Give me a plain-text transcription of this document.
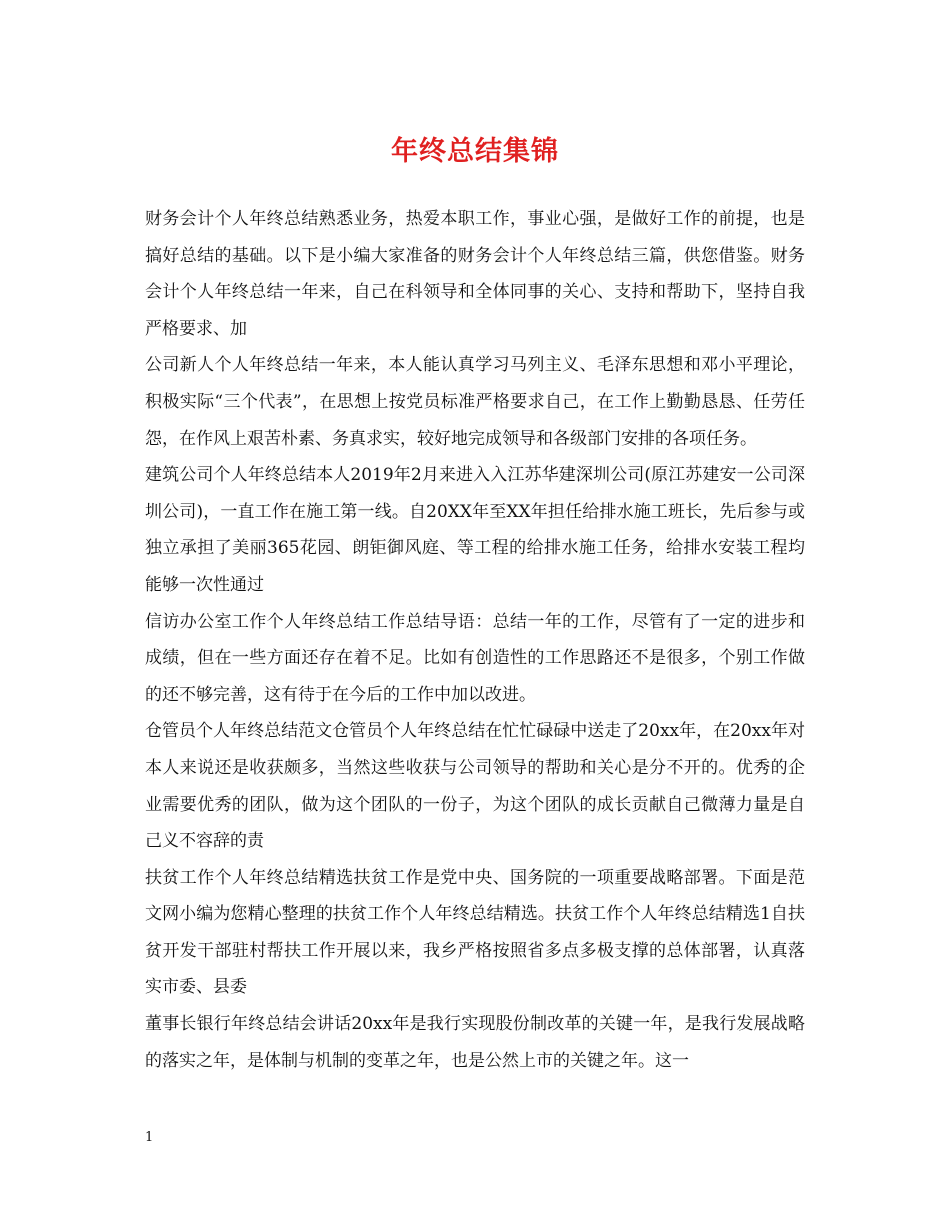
年终总结集锦

财务会计个人年终总结熟悉业务，热爱本职工作，事业心强，是做好工作的前提，也是搞好总结的基础。以下是小编大家准备的财务会计个人年终总结三篇，供您借鉴。财务会计个人年终总结一年来，自己在科领导和全体同事的关心、支持和帮助下，坚持自我严格要求、加

公司新人个人年终总结一年来，本人能认真学习马列主义、毛泽东思想和邓小平理论，积极实际“三个代表”，在思想上按党员标准严格要求自己，在工作上勤勤恳恳、任劳任怨，在作风上艰苦朴素、务真求实，较好地完成领导和各级部门安排的各项任务。

建筑公司个人年终总结本人2019年2月来进入入江苏华建深圳公司(原江苏建安一公司深圳公司)，一直工作在施工第一线。自20XX年至XX年担任给排水施工班长，先后参与或独立承担了美丽365花园、朗钜御风庭、等工程的给排水施工任务，给排水安装工程均能够一次性通过

信访办公室工作个人年终总结工作总结导语：总结一年的工作，尽管有了一定的进步和成绩，但在一些方面还存在着不足。比如有创造性的工作思路还不是很多，个别工作做的还不够完善，这有待于在今后的工作中加以改进。

仓管员个人年终总结范文仓管员个人年终总结在忙忙碌碌中送走了20xx年，在20xx年对本人来说还是收获颇多，当然这些收获与公司领导的帮助和关心是分不开的。优秀的企业需要优秀的团队，做为这个团队的一份子，为这个团队的成长贡献自己微薄力量是自己义不容辞的责

扶贫工作个人年终总结精选扶贫工作是党中央、国务院的一项重要战略部署。下面是范文网小编为您精心整理的扶贫工作个人年终总结精选。扶贫工作个人年终总结精选1自扶贫开发干部驻村帮扶工作开展以来，我乡严格按照省多点多极支撑的总体部署，认真落实市委、县委

董事长银行年终总结会讲话20xx年是我行实现股份制改革的关键一年，是我行发展战略的落实之年，是体制与机制的变革之年，也是公然上市的关键之年。这一

1
